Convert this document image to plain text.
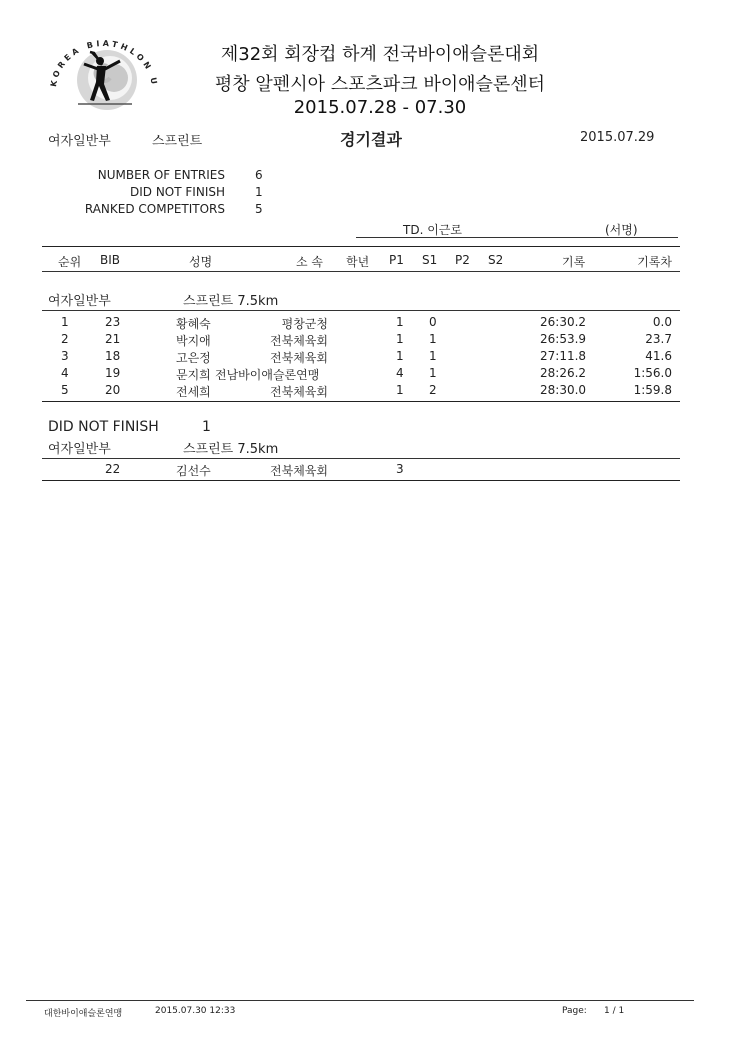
KOREA BIATHLON U
제32회 회장컵 하계 전국바이애슬론대회
평창 알펜시아 스포츠파크 바이애슬론센터
2015.07.28 - 07.30
여자일반부	스프린트	경기결과	2015.07.29
NUMBER OF ENTRIES	6
DID NOT FINISH	1
RANKED COMPETITORS	5
TD. 이근로	(서명)
순위 BIB	성명	소 속 학년 P1 S1 P2 S2	기록	기록차
여자일반부	스프린트 7.5km
1	23	황혜숙	평창군청	1 0	26:30.2	0.0
2	21	박지애	전북체육회	1 1	26:53.9	23.7
3	18	고은정	전북체육회	1 1	27:11.8	41.6
4	19	문지희 전남바이애슬론연맹	4 1	28:26.2	1:56.0
5	20	전세희	전북체육회	1 2	28:30.0	1:59.8
DID NOT FINISH	1
여자일반부	스프린트 7.5km
22	김선수	전북체육회	3
대한바이애슬론연맹	2015.07.30 12:33	Page: 1 / 1
